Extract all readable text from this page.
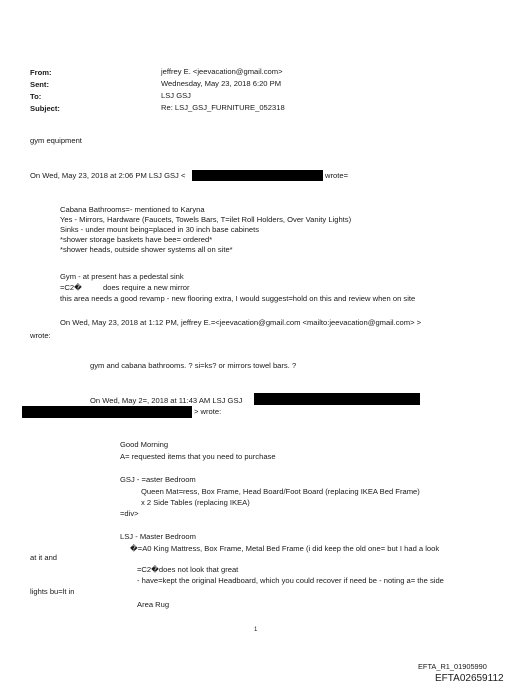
From:	jeffrey E. <jeevacation@gmail.com>
Sent:	Wednesday, May 23, 2018 6:20 PM
To:	LSJ GSJ
Subject:	Re: LSJ_GSJ_FURNITURE_052318
gym equipment
On Wed, May 23, 2018 at 2:06 PM LSJ GSJ <	wrote=
Cabana Bathrooms=- mentioned to Karyna
Yes - Mirrors, Hardware (Faucets, Towels Bars, T=ilet Roll Holders, Over Vanity Lights)
Sinks - under mount being=placed in 30 inch base cabinets
*shower storage baskets have bee= ordered*
*shower heads, outside shower systems all on site*
Gym - at present has a pedestal sink
=C2�	does require a new mirror
this area needs a good revamp - new flooring extra, I would suggest=hold on this and review when on site
On Wed, May 23, 2018 at 1:12 PM, jeffrey E.=<jeevacation@gmail.com <mailto:jeevacation@gmail.com> >
wrote:
gym and cabana bathrooms. ? si=ks? or mirrors towel bars. ?
On Wed, May 2=, 2018 at 11:43 AM LSJ GSJ
> wrote:
Good Morning
A= requested items that you need to purchase
GSJ - =aster Bedroom
Queen Mat=ress, Box Frame, Head Board/Foot Board (replacing IKEA Bed Frame)
x 2 Side Tables (replacing IKEA)
=div>
LSJ - Master Bedroom
�=A0 King Mattress, Box Frame, Metal Bed Frame (i did keep the old one= but I had a look
at it and
=C2�does not look that great
- have=kept the original Headboard, which you could recover if need be - noting a= the side
lights bu=lt in
Area Rug
1
EFTA_R1_01905990
EFTA02659112
